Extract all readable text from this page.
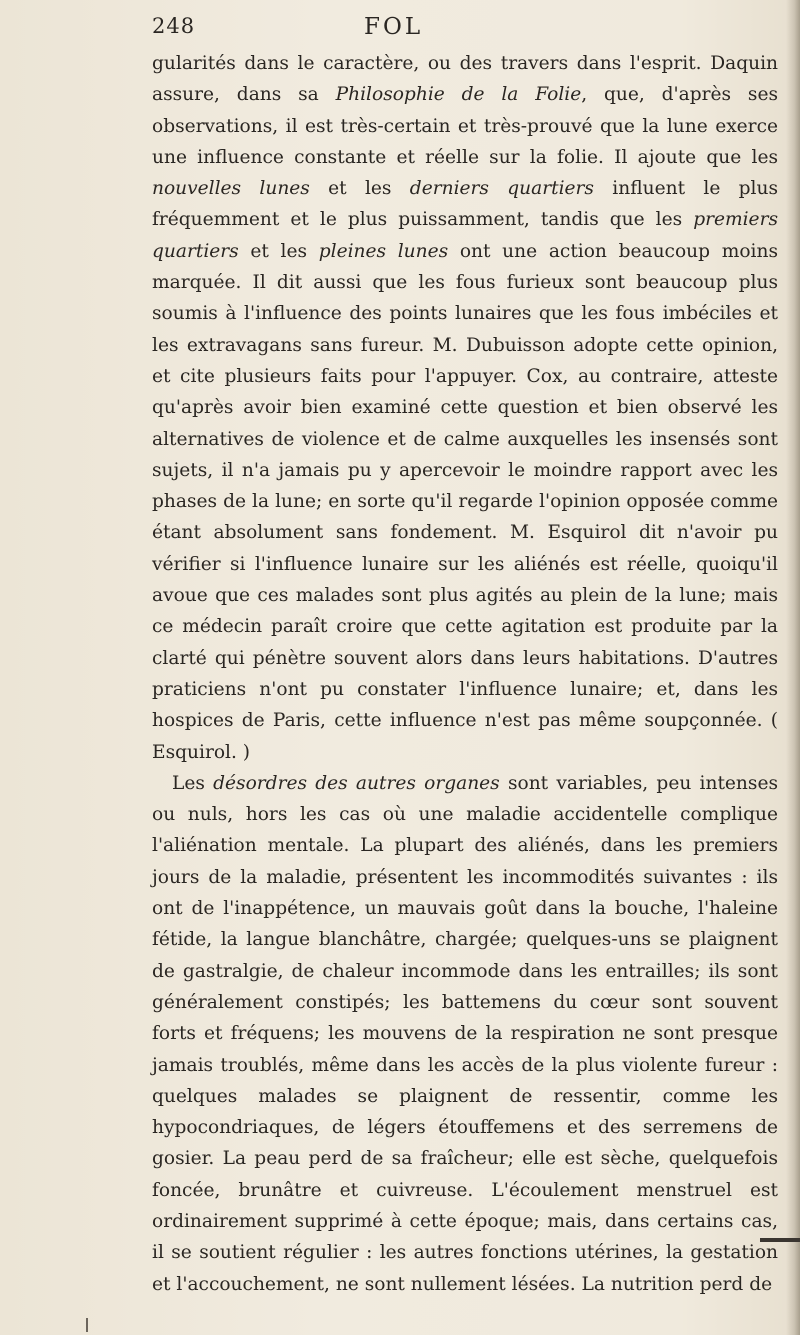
248	FOL

gularités dans le caractère, ou des travers dans l'esprit. Daquin assure, dans sa Philosophie de la Folie, que, d'après ses observations, il est très-certain et très-prouvé que la lune exerce une influence constante et réelle sur la folie. Il ajoute que les nouvelles lunes et les derniers quartiers influent le plus fréquemment et le plus puissamment, tandis que les premiers quartiers et les pleines lunes ont une action beaucoup moins marquée. Il dit aussi que les fous furieux sont beaucoup plus soumis à l'influence des points lunaires que les fous imbéciles et les extravagans sans fureur. M. Dubuisson adopte cette opinion, et cite plusieurs faits pour l'appuyer. Cox, au contraire, atteste qu'après avoir bien examiné cette question et bien observé les alternatives de violence et de calme auxquelles les insensés sont sujets, il n'a jamais pu y apercevoir le moindre rapport avec les phases de la lune; en sorte qu'il regarde l'opinion opposée comme étant absolument sans fondement. M. Esquirol dit n'avoir pu vérifier si l'influence lunaire sur les aliénés est réelle, quoiqu'il avoue que ces malades sont plus agités au plein de la lune; mais ce médecin paraît croire que cette agitation est produite par la clarté qui pénètre souvent alors dans leurs habitations. D'autres praticiens n'ont pu constater l'influence lunaire; et, dans les hospices de Paris, cette influence n'est pas même soupçonnée. ( Esquirol. )

Les désordres des autres organes sont variables, peu intenses ou nuls, hors les cas où une maladie accidentelle complique l'aliénation mentale. La plupart des aliénés, dans les premiers jours de la maladie, présentent les incommodités suivantes : ils ont de l'inappétence, un mauvais goût dans la bouche, l'haleine fétide, la langue blanchâtre, chargée; quelques-uns se plaignent de gastralgie, de chaleur incommode dans les entrailles; ils sont généralement constipés; les battemens du cœur sont souvent forts et fréquens; les mouvens de la respiration ne sont presque jamais troublés, même dans les accès de la plus violente fureur : quelques malades se plaignent de ressentir, comme les hypocondriaques, de légers étouffemens et des serremens de gosier. La peau perd de sa fraîcheur; elle est sèche, quelquefois foncée, brunâtre et cuivreuse. L'écoulement menstruel est ordinairement supprimé à cette époque; mais, dans certains cas, il se soutient régulier : les autres fonctions utérines, la gestation et l'accouchement, ne sont nullement lésées. La nutrition perd de
